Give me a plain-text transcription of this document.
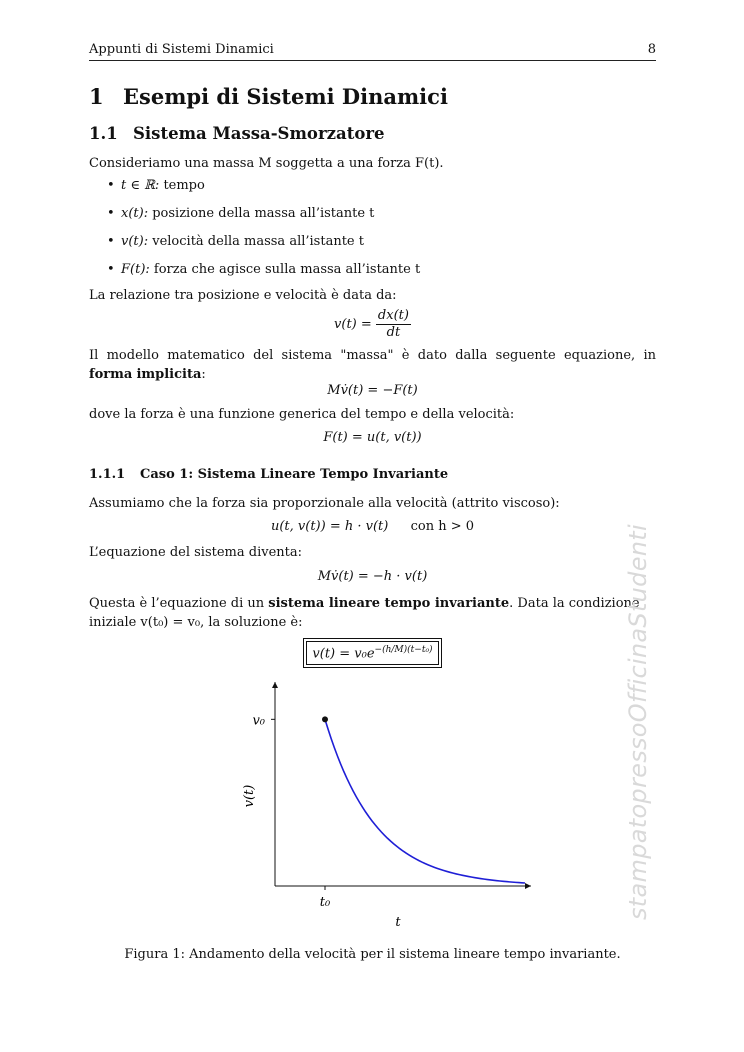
Appunti di Sistemi Dinamici	8
1 Esempi di Sistemi Dinamici
1.1 Sistema Massa-Smorzatore
Consideriamo una massa M soggetta a una forza F(t).
• t ∈ ℝ: tempo
• x(t): posizione della massa all’istante t
• v(t): velocità della massa all’istante t
• F(t): forza che agisce sulla massa all’istante t
La relazione tra posizione e velocità è data da:
$v(t) = \frac{dx(t)}{dt}$
Il modello matematico del sistema "massa" è dato dalla seguente equazione, in forma implicita:
Mv̇(t) = −F(t)
dove la forza è una funzione generica del tempo e della velocità:
F(t) = u(t, v(t))
1.1.1 Caso 1: Sistema Lineare Tempo Invariante
Assumiamo che la forza sia proporzionale alla velocità (attrito viscoso):
u(t, v(t)) = h · v(t) con h > 0
L’equazione del sistema diventa:
Mv̇(t) = −h · v(t)
Questa è l’equazione di un sistema lineare tempo invariante. Data la condizione
iniziale v(t₀) = v₀, la soluzione è:
$v(t) = v_0e^{-(h/M)(t-t_0)}$
t₀
v₀
t
v(t)
Figura 1: Andamento della velocità per il sistema lineare tempo invariante.
stampatopressoOfficinaStudenti
